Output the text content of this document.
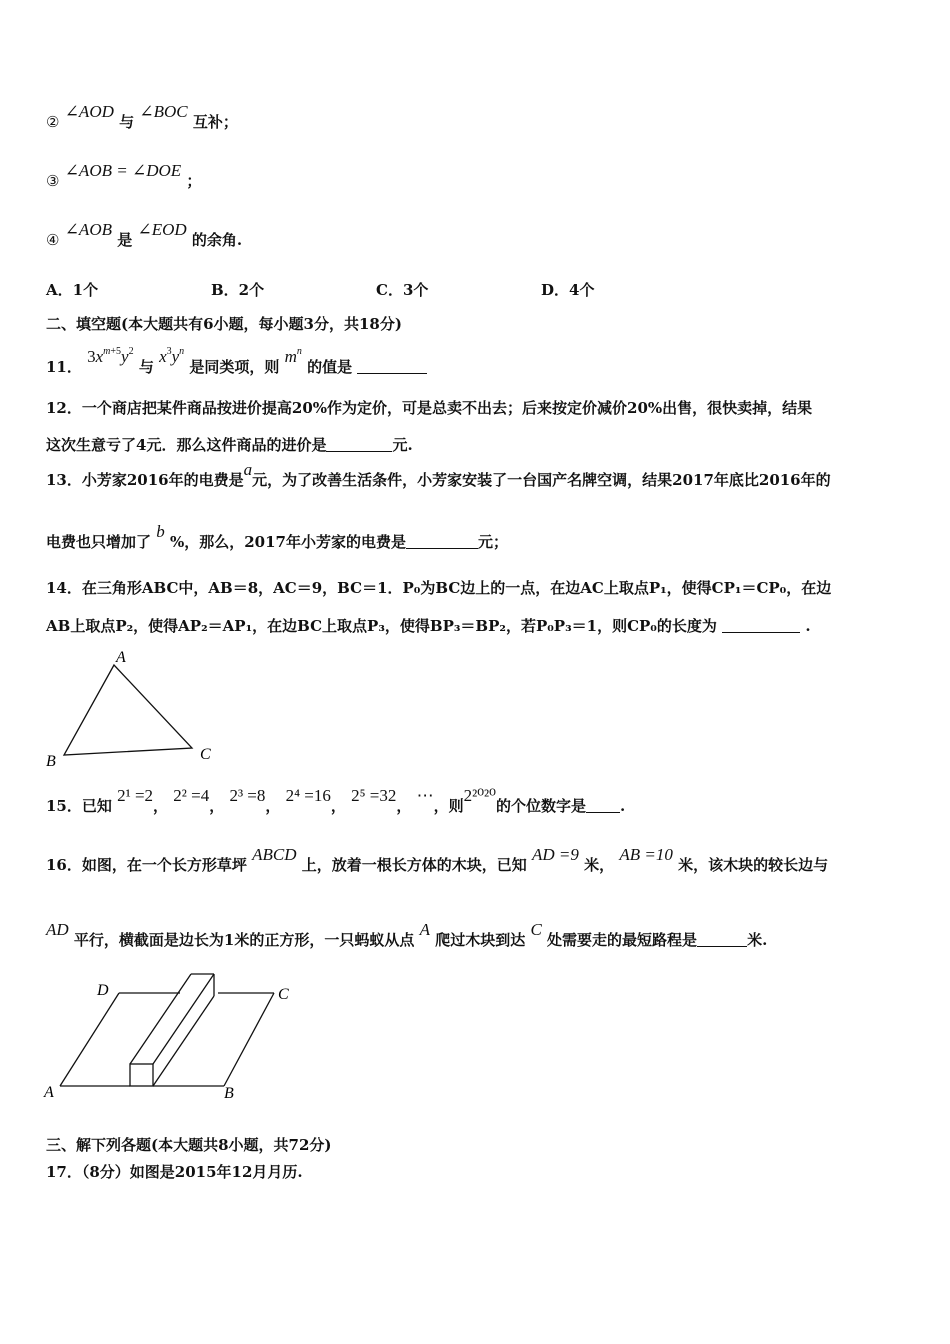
② ∠AOD 与 ∠BOC 互补；
③ ∠AOB = ∠DOE ；
④ ∠AOB 是 ∠EOD 的余角.
A．1个	B．2个	C．3个	D．4个
二、填空题(本大题共有6小题，每小题3分，共18分)
11． $3x^{m+5}y^2$ 与 $x^3y^n$ 是同类项，则 $m^n$ 的值是
12．一个商店把某件商品按进价提高20%作为定价，可是总卖不出去；后来按定价减价20%出售，很快卖掉，结果
这次生意亏了4元．那么这件商品的进价是	元.
13．小芳家2016年的电费是a元，为了改善生活条件，小芳家安装了一台国产名牌空调，结果2017年底比2016年的
电费也只增加了 b %，那么，2017年小芳家的电费是	元；
14．在三角形ABC中，AB＝8，AC＝9，BC＝1．P₀为BC边上的一点，在边AC上取点P₁，使得CP₁＝CP₀，在边
AB上取点P₂，使得AP₂＝AP₁，在边BC上取点P₃，使得BP₃＝BP₂，若P₀P₃＝1，则CP₀的长度为	.
A
B	C
15．已知 2¹ =2， 2² =4， 2³ =8， 2⁴ =16， 2⁵ =32， ⋯，则2²⁰²⁰的个位数字是 .
16．如图，在一个长方形草坪 ABCD 上，放着一根长方体的木块，已知 AD =9 米， AB =10 米，该木块的较长边与
AD 平行，横截面是边长为1米的正方形，一只蚂蚁从点 A 爬过木块到达 C 处需要走的最短路程是	米.
D	C
A	B
三、解下列各题(本大题共8小题，共72分)
17．（8分）如图是2015年12月月历.
